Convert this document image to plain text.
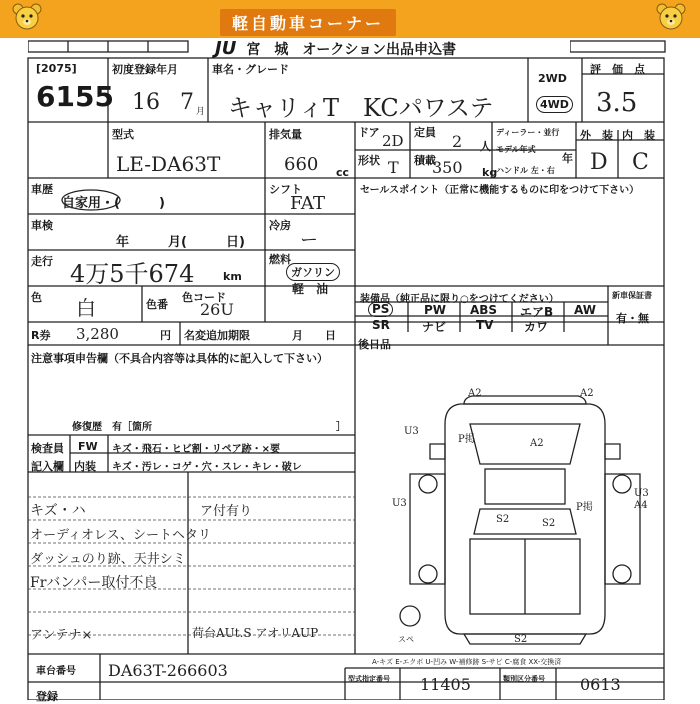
軽自動車コーナー
JU 宮　城　オークション出品申込書
[2075]
6155
初度登録年月
16 7 月
車名・グレード
キャリィT　KCパワステ
2WD
4WD
評　価　点
3.5
型式
LE-DA63T
排気量
660 cc
ドア 2D 定員 2 人
ディーラー・並行
モデル年式
年
形状 T 積載
350 kg
ハンドル 左・右
外　装 内　装
D C
車歴
自家用・(　　　)
シフト
FAT
セールスポイント（正常に機能するものに印をつけて下さい）
車検
年　　　月(　　　日)
冷房
ー
走行 4万5千674	km
燃料
ガソリン
軽　油
色 白	色番
色コード
26U
装備品（純正品に限り○をつけてください）	新車保証書
有・無
PS	PW ABS エアB AW
SR	ナビ TV	カワ
R券 3,280	円 名変追加期限	月　　日
後日品
注意事項申告欄（不具合内容等は具体的に記入して下さい）
修復歴　有［箇所	］
検査員
記入欄
FW
内装
キズ・飛石・ヒビ割・リペア跡・×要
キズ・汚レ・コゲ・穴・スレ・キレ・破レ
キズ・ハ
オーディオレス、シートヘタリ
ダッシュのり跡、天井シミ
Frバンパー取付不良
アンテナ×
ア付有り
荷台AUt.S アオリAUP
A2	A2
U3
P掲	A2
U3
S2	S2
P掲
U3
A4
スペ	S2
車台番号 DA63T-266603	A-キズ E-エクボ U-凹み W-補修跡 S-サビ C-腐食 XX-交換済
型式指定番号	11405	類別区分番号	0613
登録
